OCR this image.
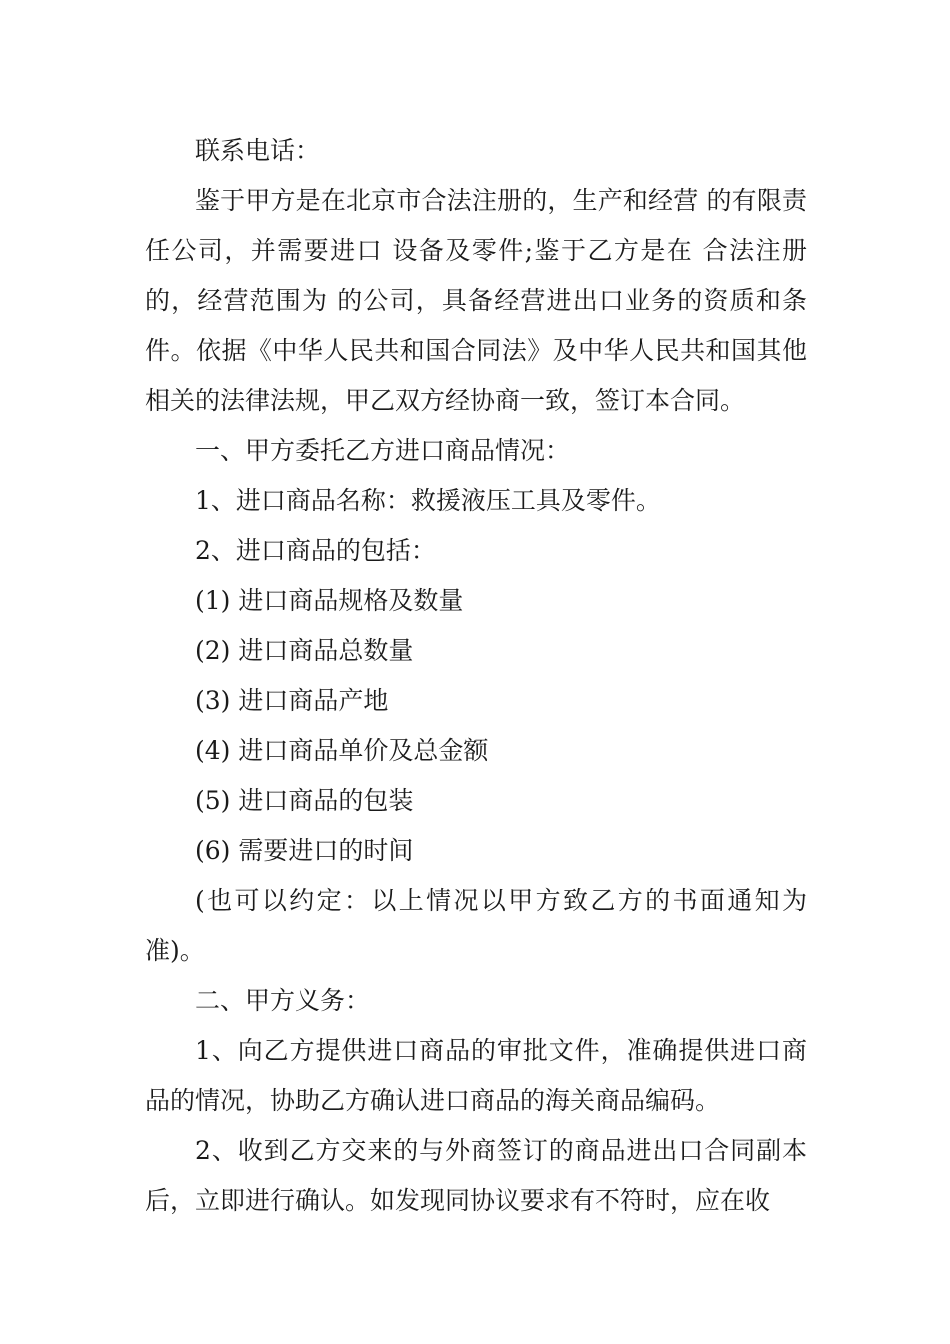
联系电话：

鉴于甲方是在北京市合法注册的，生产和经营 的有限责任公司，并需要进口 设备及零件;鉴于乙方是在 合法注册的，经营范围为 的公司，具备经营进出口业务的资质和条件。依据《中华人民共和国合同法》及中华人民共和国其他相关的法律法规，甲乙双方经协商一致，签订本合同。

一、甲方委托乙方进口商品情况：

1、进口商品名称：救援液压工具及零件。

2、进口商品的包括：

(1) 进口商品规格及数量

(2) 进口商品总数量

(3) 进口商品产地

(4) 进口商品单价及总金额

(5) 进口商品的包装

(6) 需要进口的时间

(也可以约定：以上情况以甲方致乙方的书面通知为准)。

二、甲方义务：

1、向乙方提供进口商品的审批文件，准确提供进口商品的情况，协助乙方确认进口商品的海关商品编码。

2、收到乙方交来的与外商签订的商品进出口合同副本后，立即进行确认。如发现同协议要求有不符时，应在收
